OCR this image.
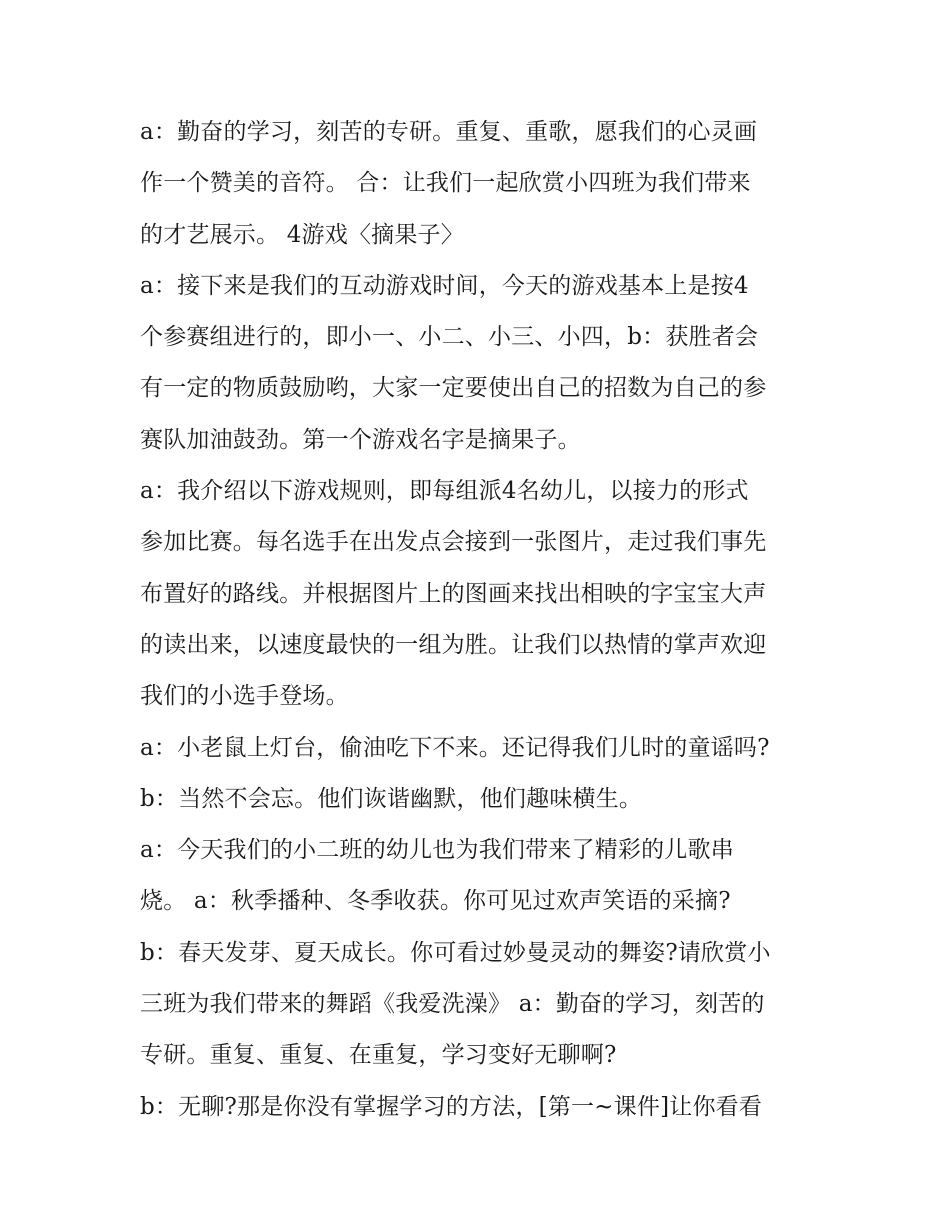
a：勤奋的学习，刻苦的专研。重复、重歌，愿我们的心灵画
作一个赞美的音符。 合：让我们一起欣赏小四班为我们带来
的才艺展示。 4游戏〈摘果子〉
a：接下来是我们的互动游戏时间，今天的游戏基本上是按4
个参赛组进行的，即小一、小二、小三、小四，b：获胜者会
有一定的物质鼓励哟，大家一定要使出自己的招数为自己的参
赛队加油鼓劲。第一个游戏名字是摘果子。
a：我介绍以下游戏规则，即每组派4名幼儿，以接力的形式
参加比赛。每名选手在出发点会接到一张图片，走过我们事先
布置好的路线。并根据图片上的图画来找出相映的字宝宝大声
的读出来，以速度最快的一组为胜。让我们以热情的掌声欢迎
我们的小选手登场。
a：小老鼠上灯台，偷油吃下不来。还记得我们儿时的童谣吗?
b：当然不会忘。他们诙谐幽默，他们趣味横生。
a：今天我们的小二班的幼儿也为我们带来了精彩的儿歌串
烧。 a：秋季播种、冬季收获。你可见过欢声笑语的采摘?
b：春天发芽、夏天成长。你可看过妙曼灵动的舞姿?请欣赏小
三班为我们带来的舞蹈《我爱洗澡》 a：勤奋的学习，刻苦的
专研。重复、重复、在重复，学习变好无聊啊?
b：无聊?那是你没有掌握学习的方法，[第一~课件]让你看看
